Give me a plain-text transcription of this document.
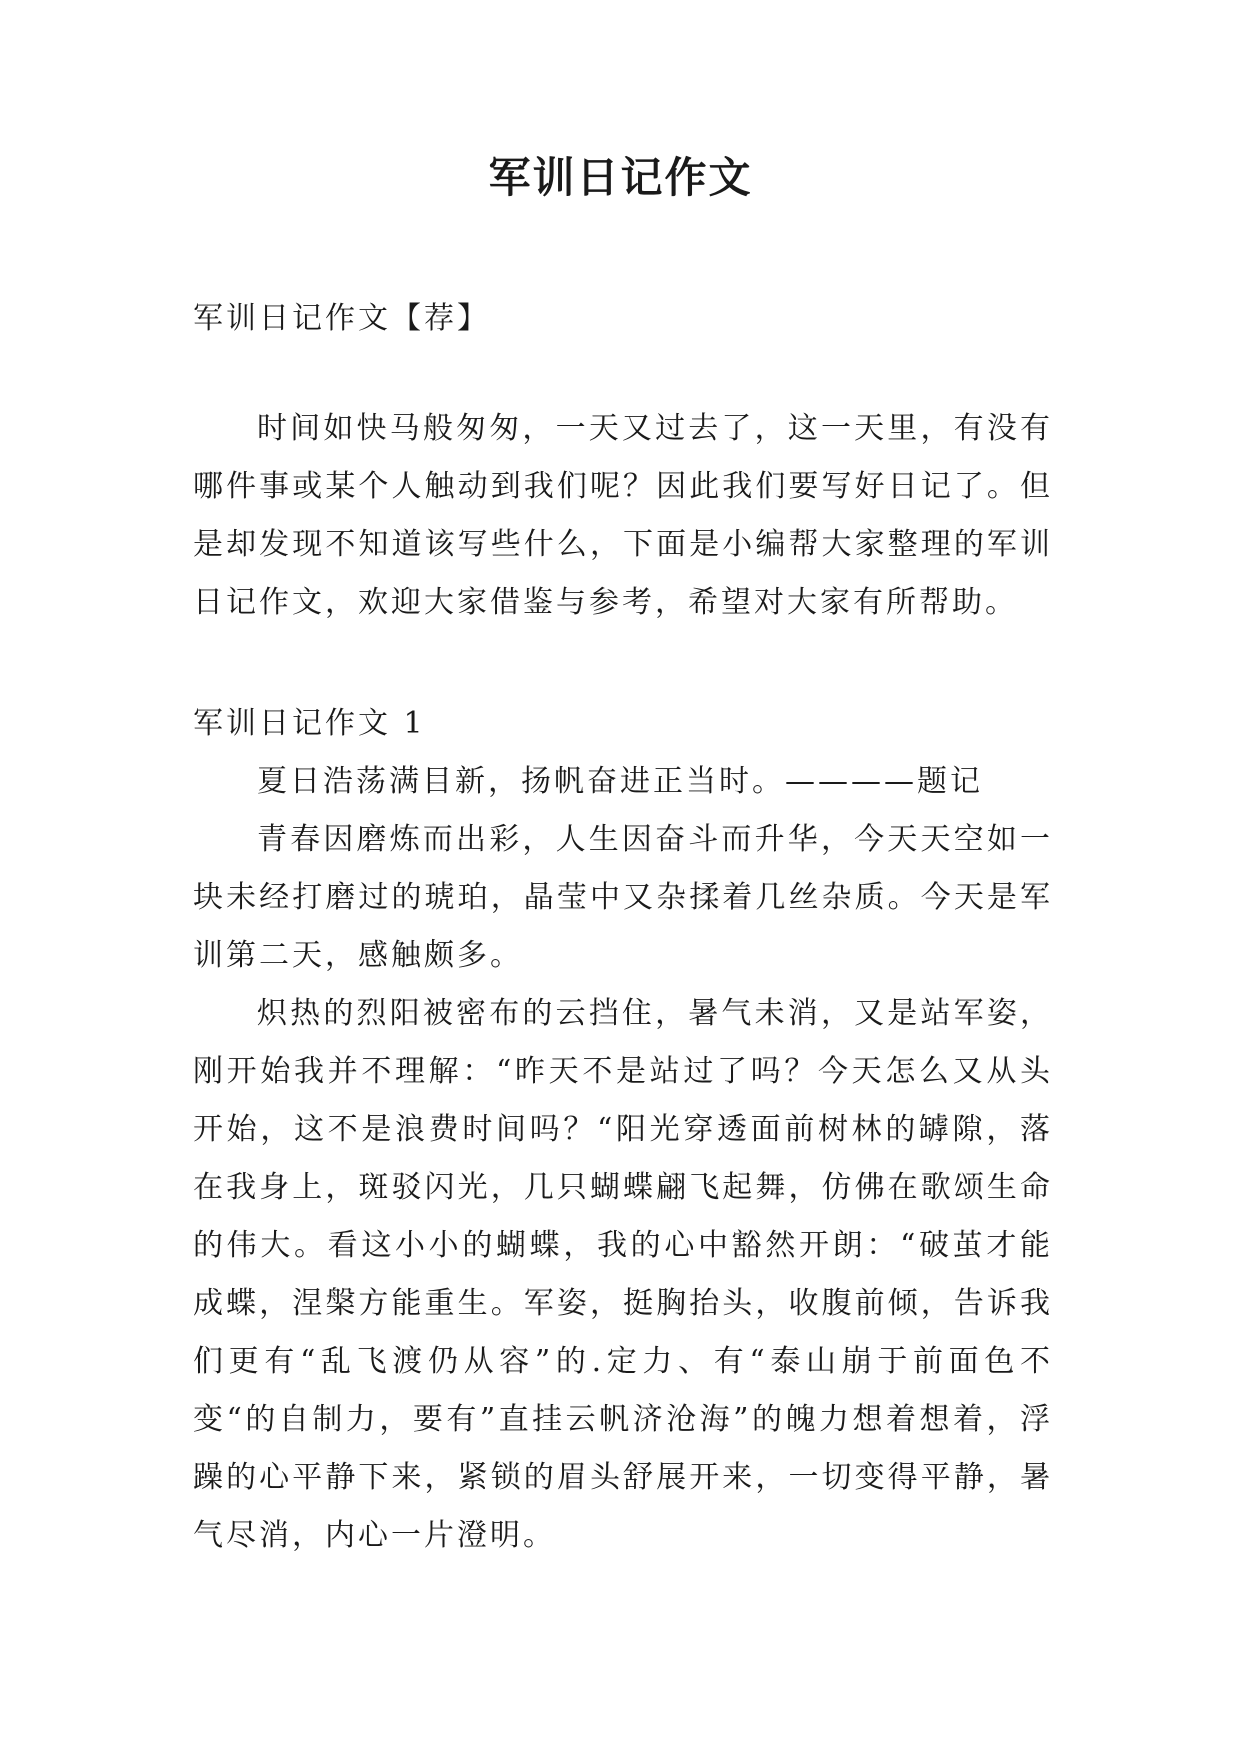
军训日记作文

军训日记作文【荐】

时间如快马般匆匆，一天又过去了，这一天里，有没有哪件事或某个人触动到我们呢？因此我们要写好日记了。但是却发现不知道该写些什么，下面是小编帮大家整理的军训日记作文，欢迎大家借鉴与参考，希望对大家有所帮助。

军训日记作文 1

夏日浩荡满目新，扬帆奋进正当时。————题记

青春因磨炼而出彩，人生因奋斗而升华，今天天空如一块未经打磨过的琥珀，晶莹中又杂揉着几丝杂质。今天是军训第二天，感触颇多。

炽热的烈阳被密布的云挡住，暑气未消，又是站军姿，刚开始我并不理解：“昨天不是站过了吗？今天怎么又从头开始，这不是浪费时间吗？“阳光穿透面前树林的罅隙，落在我身上，斑驳闪光，几只蝴蝶翩飞起舞，仿佛在歌颂生命的伟大。看这小小的蝴蝶，我的心中豁然开朗：“破茧才能成蝶，涅槃方能重生。军姿，挺胸抬头，收腹前倾，告诉我们更有“乱飞渡仍从容”的.定力、有“泰山崩于前面色不变“的自制力，要有”直挂云帆济沧海”的魄力想着想着，浮躁的心平静下来，紧锁的眉头舒展开来，一切变得平静，暑气尽消，内心一片澄明。
